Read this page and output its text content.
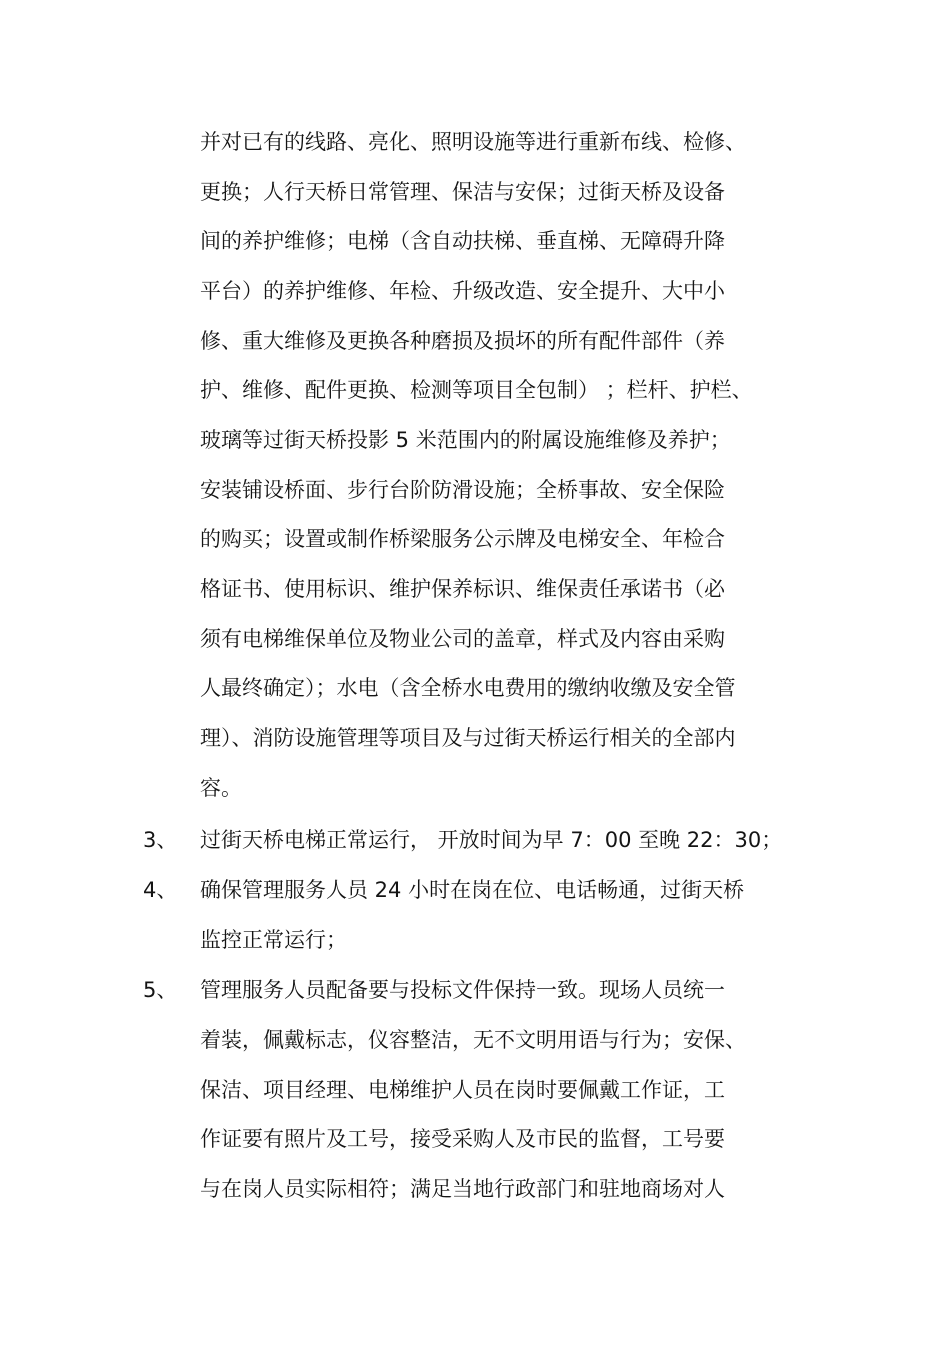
并对已有的线路、亮化、照明设施等进行重新布线、检修、
更换；人行天桥日常管理、保洁与安保；过街天桥及设备
间的养护维修；电梯（含自动扶梯、垂直梯、无障碍升降
平台）的养护维修、年检、升级改造、安全提升、大中小
修、重大维修及更换各种磨损及损坏的所有配件部件（养
护、维修、配件更换、检测等项目全包制） ；栏杆、护栏、
玻璃等过街天桥投影 5 米范围内的附属设施维修及养护；
安装铺设桥面、步行台阶防滑设施；全桥事故、安全保险
的购买；设置或制作桥梁服务公示牌及电梯安全、年检合
格证书、使用标识、维护保养标识、维保责任承诺书（必
须有电梯维保单位及物业公司的盖章，样式及内容由采购
人最终确定）；水电（含全桥水电费用的缴纳收缴及安全管
理）、消防设施管理等项目及与过街天桥运行相关的全部内
容。
3、 过街天桥电梯正常运行， 开放时间为早 7：00 至晚 22：30；
4、 确保管理服务人员 24 小时在岗在位、电话畅通，过街天桥
监控正常运行；
5、 管理服务人员配备要与投标文件保持一致。现场人员统一
着装，佩戴标志，仪容整洁，无不文明用语与行为；安保、
保洁、项目经理、电梯维护人员在岗时要佩戴工作证，工
作证要有照片及工号，接受采购人及市民的监督，工号要
与在岗人员实际相符；满足当地行政部门和驻地商场对人
